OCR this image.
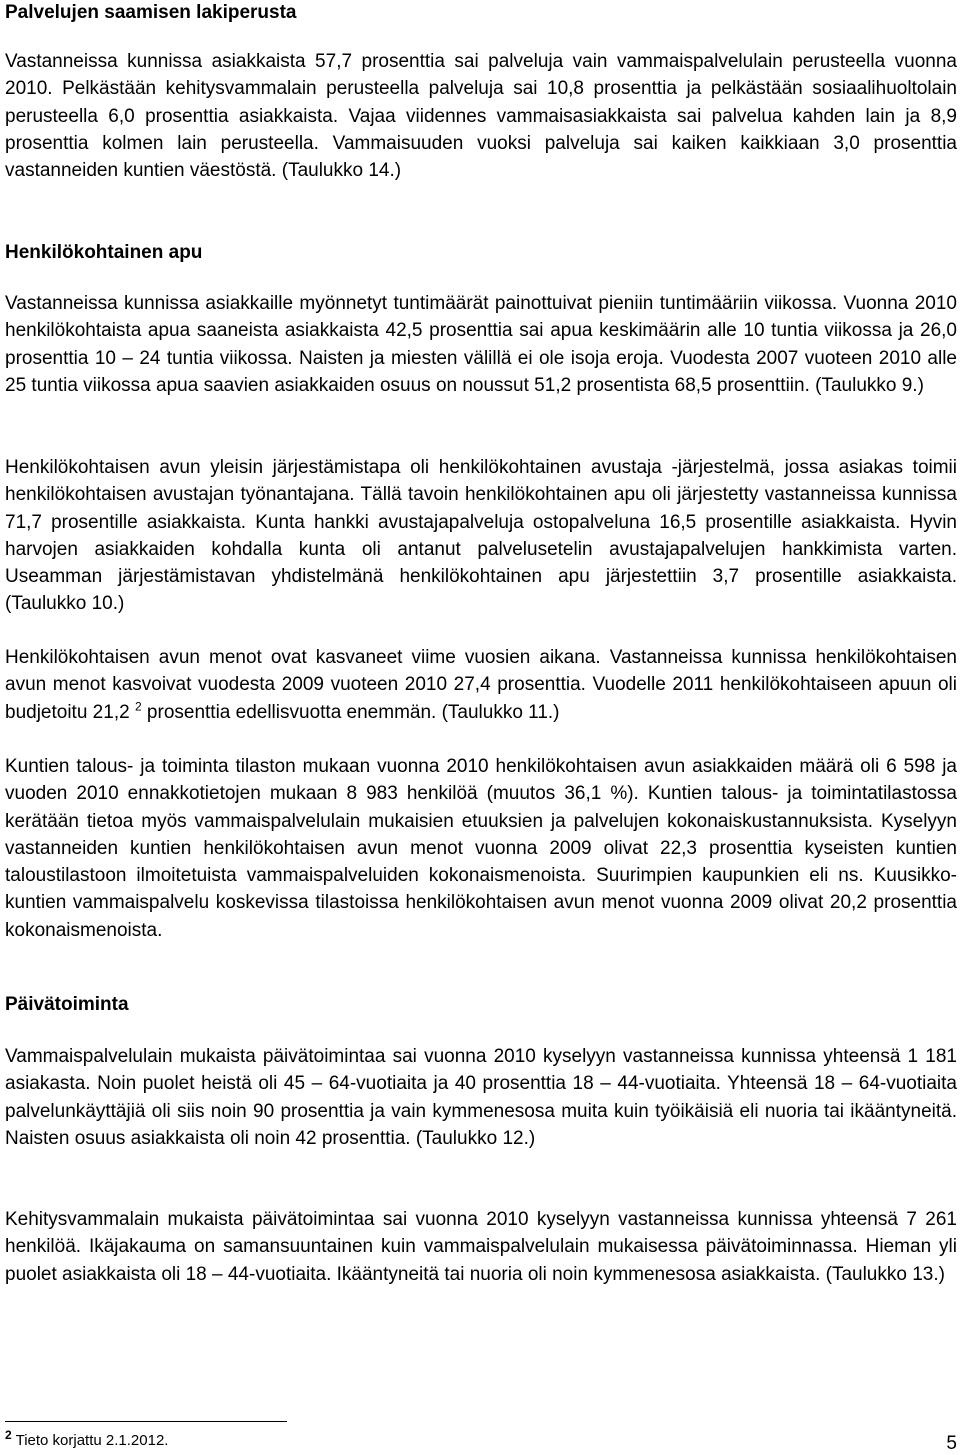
Palvelujen saamisen lakiperusta

Vastanneissa kunnissa asiakkaista 57,7 prosenttia sai palveluja vain vammaispalvelulain perusteella vuonna 2010. Pelkästään kehitysvammalain perusteella palveluja sai 10,8 prosenttia ja pelkästään sosiaalihuoltolain perusteella 6,0 prosenttia asiakkaista. Vajaa viidennes vammaisasiakkaista sai palvelua kahden lain ja 8,9 prosenttia kolmen lain perusteella. Vammaisuuden vuoksi palveluja sai kaiken kaikkiaan 3,0 prosenttia vastanneiden kuntien väestöstä. (Taulukko 14.)

Henkilökohtainen apu

Vastanneissa kunnissa asiakkaille myönnetyt tuntimäärät painottuivat pieniin tuntimääriin viikossa. Vuonna 2010 henkilökohtaista apua saaneista asiakkaista 42,5 prosenttia sai apua keskimäärin alle 10 tuntia viikossa ja 26,0 prosenttia 10 – 24 tuntia viikossa. Naisten ja miesten välillä ei ole isoja eroja. Vuodesta 2007 vuoteen 2010 alle 25 tuntia viikossa apua saavien asiakkaiden osuus on noussut 51,2 prosentista 68,5 prosenttiin. (Taulukko 9.)

Henkilökohtaisen avun yleisin järjestämistapa oli henkilökohtainen avustaja -järjestelmä, jossa asiakas toimii henkilökohtaisen avustajan työnantajana. Tällä tavoin henkilökohtainen apu oli järjestetty vastanneissa kunnissa 71,7 prosentille asiakkaista. Kunta hankki avustajapalveluja ostopalveluna 16,5 prosentille asiakkaista. Hyvin harvojen asiakkaiden kohdalla kunta oli antanut palvelusetelin avustajapalvelujen hankkimista varten. Useamman järjestämistavan yhdistelmänä henkilökohtainen apu järjestettiin 3,7 prosentille asiakkaista. (Taulukko 10.)

Henkilökohtaisen avun menot ovat kasvaneet viime vuosien aikana. Vastanneissa kunnissa henkilökohtaisen avun menot kasvoivat vuodesta 2009 vuoteen 2010 27,4 prosenttia. Vuodelle 2011 henkilökohtaiseen apuun oli budjetoitu 21,2 $^2$ prosenttia edellisvuotta enemmän. (Taulukko 11.)

Kuntien talous- ja toiminta tilaston mukaan vuonna 2010 henkilökohtaisen avun asiakkaiden määrä oli 6 598 ja vuoden 2010 ennakkotietojen mukaan 8 983 henkilöä (muutos 36,1 %). Kuntien talous- ja toimintatilastossa kerätään tietoa myös vammaispalvelulain mukaisien etuuksien ja palvelujen kokonaiskustannuksista. Kyselyyn vastanneiden kuntien henkilökohtaisen avun menot vuonna 2009 olivat 22,3 prosenttia kyseisten kuntien taloustilastoon ilmoitetuista vammaispalveluiden kokonaismenoista. Suurimpien kaupunkien eli ns. Kuusikko-kuntien vammaispalvelu koskevissa tilastoissa henkilökohtaisen avun menot vuonna 2009 olivat 20,2 prosenttia kokonaismenoista.

Päivätoiminta

Vammaispalvelulain mukaista päivätoimintaa sai vuonna 2010 kyselyyn vastanneissa kunnissa yhteensä 1 181 asiakasta. Noin puolet heistä oli 45 – 64-vuotiaita ja 40 prosenttia 18 – 44-vuotiaita. Yhteensä 18 – 64-vuotiaita palvelunkäyttäjiä oli siis noin 90 prosenttia ja vain kymmenesosa muita kuin työikäisiä eli nuoria tai ikääntyneitä. Naisten osuus asiakkaista oli noin 42 prosenttia. (Taulukko 12.)

Kehitysvammalain mukaista päivätoimintaa sai vuonna 2010 kyselyyn vastanneissa kunnissa yhteensä 7 261 henkilöä. Ikäjakauma on samansuuntainen kuin vammaispalvelulain mukaisessa päivätoiminnassa. Hieman yli puolet asiakkaista oli 18 – 44-vuotiaita. Ikääntyneitä tai nuoria oli noin kymmenesosa asiakkaista. (Taulukko 13.)

$^2$ Tieto korjattu 2.1.2012.	5
